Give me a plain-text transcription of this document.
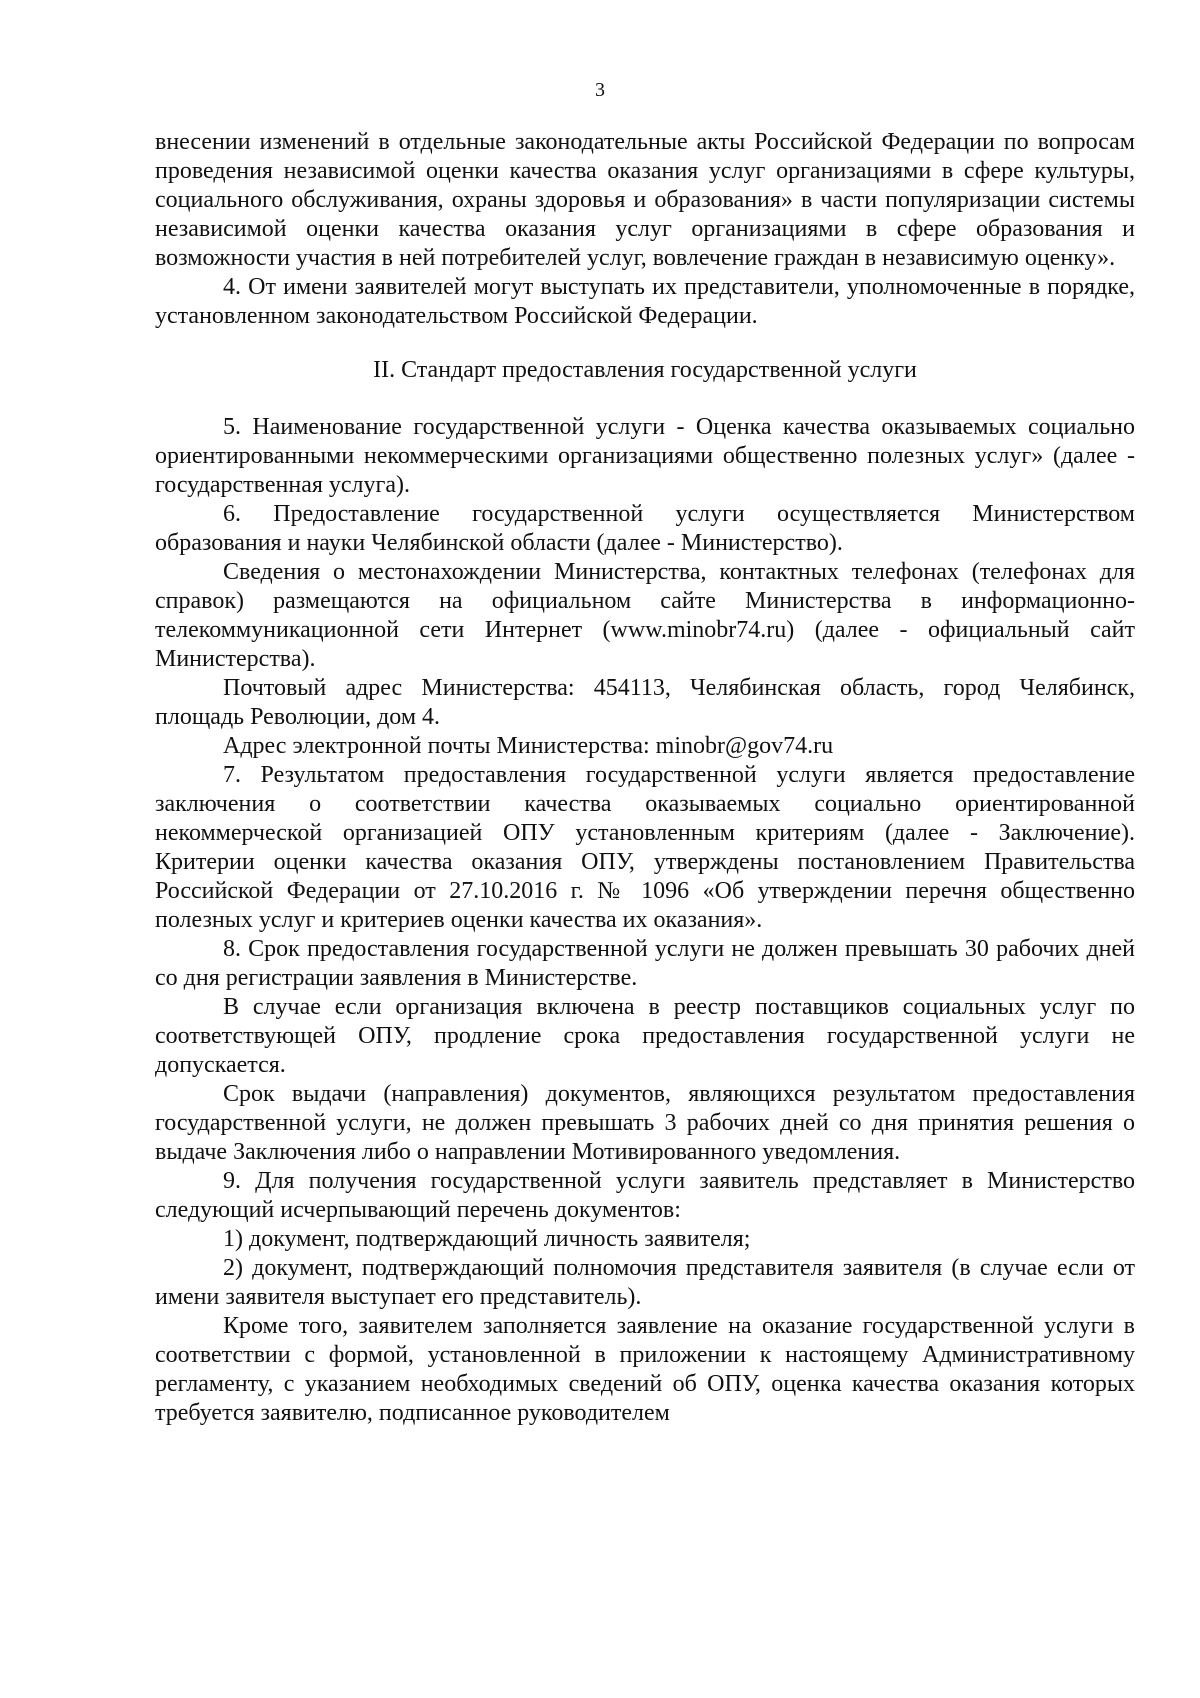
3

внесении изменений в отдельные законодательные акты Российской Федерации по вопросам проведения независимой оценки качества оказания услуг организациями в сфере культуры, социального обслуживания, охраны здоровья и образования» в части популяризации системы независимой оценки качества оказания услуг организациями в сфере образования и возможности участия в ней потребителей услуг, вовлечение граждан в независимую оценку».

4. От имени заявителей могут выступать их представители, уполномоченные в порядке, установленном законодательством Российской Федерации.

II. Стандарт предоставления государственной услуги

5. Наименование государственной услуги - Оценка качества оказываемых социально ориентированными некоммерческими организациями общественно полезных услуг» (далее - государственная услуга).

6. Предоставление государственной услуги осуществляется Министерством образования и науки Челябинской области (далее - Министерство).

Сведения о местонахождении Министерства, контактных телефонах (телефонах для справок) размещаются на официальном сайте Министерства в информационно-телекоммуникационной сети Интернет (www.minobr74.ru) (далее - официальный сайт Министерства).

Почтовый адрес Министерства: 454113, Челябинская область, город Челябинск, площадь Революции, дом 4.

Адрес электронной почты Министерства: minobr@gov74.ru

7. Результатом предоставления государственной услуги является предоставление заключения о соответствии качества оказываемых социально ориентированной некоммерческой организацией ОПУ установленным критериям (далее - Заключение). Критерии оценки качества оказания ОПУ, утверждены постановлением Правительства Российской Федерации от 27.10.2016 г. № 1096 «Об утверждении перечня общественно полезных услуг и критериев оценки качества их оказания».

8. Срок предоставления государственной услуги не должен превышать 30 рабочих дней со дня регистрации заявления в Министерстве.

В случае если организация включена в реестр поставщиков социальных услуг по соответствующей ОПУ, продление срока предоставления государственной услуги не допускается.

Срок выдачи (направления) документов, являющихся результатом предоставления государственной услуги, не должен превышать 3 рабочих дней со дня принятия решения о выдаче Заключения либо о направлении Мотивированного уведомления.

9. Для получения государственной услуги заявитель представляет в Министерство следующий исчерпывающий перечень документов:

1) документ, подтверждающий личность заявителя;

2) документ, подтверждающий полномочия представителя заявителя (в случае если от имени заявителя выступает его представитель).

Кроме того, заявителем заполняется заявление на оказание государственной услуги в соответствии с формой, установленной в приложении к настоящему Административному регламенту, с указанием необходимых сведений об ОПУ, оценка качества оказания которых требуется заявителю, подписанное руководителем
